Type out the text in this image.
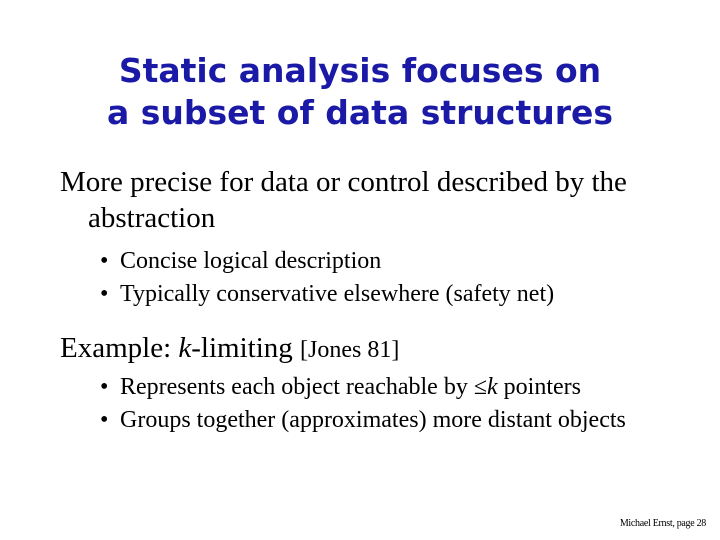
Static analysis focuses on
a subset of data structures
More precise for data or control described by the abstraction
• Concise logical description
• Typically conservative elsewhere (safety net)
Example: k-limiting [Jones 81]
• Represents each object reachable by ≤k pointers
• Groups together (approximates) more distant objects
Michael Ernst, page 28
